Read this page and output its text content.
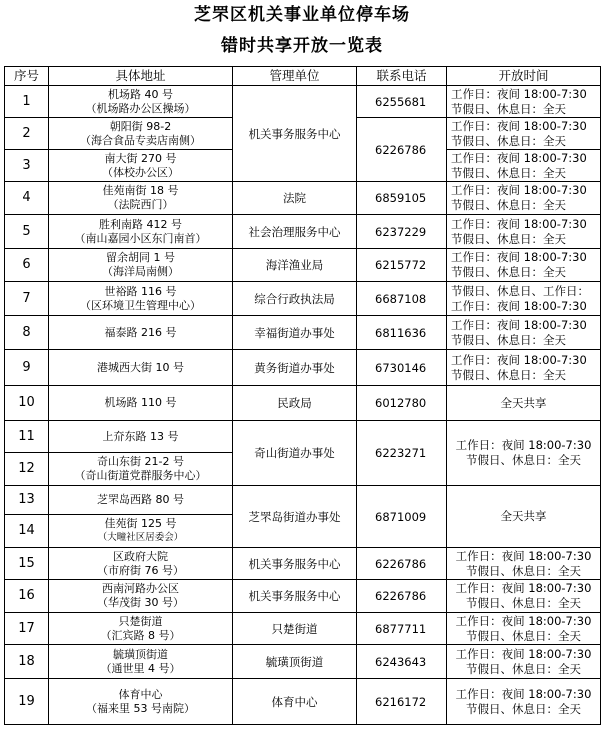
芝罘区机关事业单位停车场
错时共享开放一览表
序号	具体地址	管理单位	联系电话	开放时间
1	机场路 40 号
（机场路办公区操场）	机关事务服务中心	6255681	工作日：夜间 18:00-7:30
节假日、休息日：全天

2	朝阳街 98-2
（海合食品专卖店南侧）		6226786	工作日：夜间 18:00-7:30
节假日、休息日：全天

3	南大街 270 号
（体校办公区）			工作日：夜间 18:00-7:30
节假日、休息日：全天

4	佳苑南街 18 号
（法院西门）	法院	6859105	工作日：夜间 18:00-7:30
节假日、休息日：全天

5	胜利南路 412 号
（南山嘉园小区东门南首）	社会治理服务中心	6237229	工作日：夜间 18:00-7:30
节假日、休息日：全天

6	留余胡同 1 号
（海洋局南侧）	海洋渔业局	6215772	工作日：夜间 18:00-7:30
节假日、休息日：全天

7	世裕路 116 号
（区环境卫生管理中心）	综合行政执法局	6687108	节假日、休息日、工作日：
工作日：夜间 18:00-7:30

8	福泰路 216 号	幸福街道办事处	6811636	工作日：夜间 18:00-7:30
节假日、休息日：全天

9	港城西大街 10 号	黄务街道办事处	6730146	工作日：夜间 18:00-7:30
节假日、休息日：全天

10	机场路 110 号	民政局	6012780	全天共享
11	上夼东路 13 号	奇山街道办事处	6223271	工作日：夜间 18:00-7:30
节假日、休息日：全天

12	奇山东街 21-2 号
（奇山街道党群服务中心）			

13	芝罘岛西路 80 号	芝罘岛街道办事处	6871009	全天共享
14	佳苑街 125 号
（大疃社区居委会）			

15	区政府大院
（市府街 76 号）	机关事务服务中心	6226786	工作日：夜间 18:00-7:30
节假日、休息日：全天

16	西南河路办公区
（华茂街 30 号）	机关事务服务中心	6226786	工作日：夜间 18:00-7:30
节假日、休息日：全天

17	只楚街道
（汇宾路 8 号）	只楚街道	6877711	工作日：夜间 18:00-7:30
节假日、休息日：全天

18	毓璜顶街道
（通世里 4 号）	毓璜顶街道	6243643	工作日：夜间 18:00-7:30
节假日、休息日：全天

19	体育中心
（福来里 53 号南院）	体育中心	6216172	工作日：夜间 18:00-7:30
节假日、休息日：全天
